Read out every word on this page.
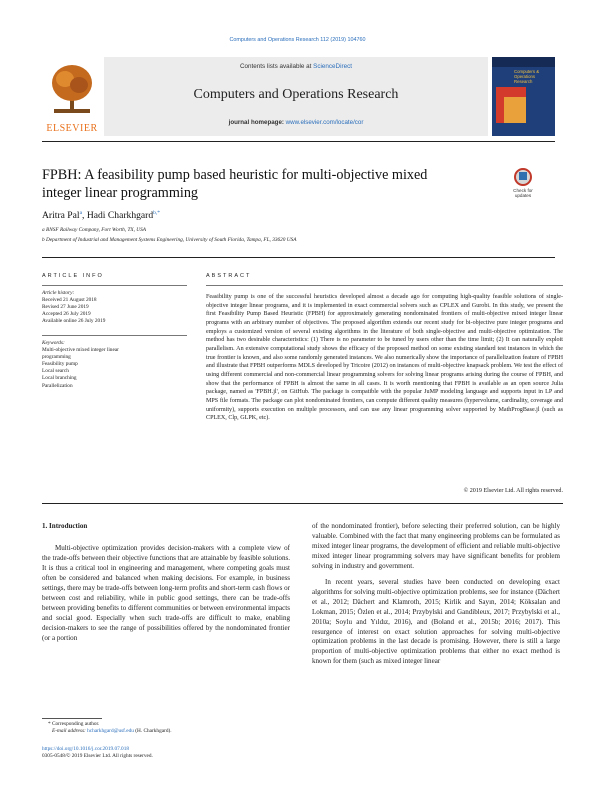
Computers and Operations Research 112 (2019) 104760
ELSEVIER
Contents lists available at ScienceDirect
Computers and Operations Research
journal homepage: www.elsevier.com/locate/cor
Computers & Operations Research
FPBH: A feasibility pump based heuristic for multi-objective mixed
integer linear programming	Check for
updates
Aritra Pal$^a$, Hadi Charkhgard$^{b,*}$
a BNSF Railway Company, Fort Worth, TX, USA
b Department of Industrial and Management Systems Engineering, University of South Florida, Tampa, FL, 33620 USA
ARTICLE INFO
Article history:
Received 21 August 2018
Revised 27 June 2019
Accepted 26 July 2019
Available online 26 July 2019
Keywords:
Multi-objective mixed integer linear
programming
Feasibility pump
Local search
Local branching
Parallelization
ABSTRACT
Feasibility pump is one of the successful heuristics developed almost a decade ago for computing high-quality feasible solutions of single-objective integer linear programs, and it is implemented in exact commercial solvers such as CPLEX and Gurobi. In this study, we present the first Feasibility Pump Based Heuristic (FPBH) for approximately generating nondominated frontiers of multi-objective mixed integer linear programs with an arbitrary number of objectives. The proposed algorithm extends our recent study for bi-objective pure integer programs and employs a customized version of several existing algorithms in the literature of both single-objective and multi-objective optimization. The method has two desirable characteristics: (1) There is no parameter to be tuned by users other than the time limit; (2) It can naturally exploit parallelism. An extensive computational study shows the efficacy of the proposed method on some existing standard test instances in which the true frontier is known, and also some randomly generated instances. We also numerically show the importance of parallelization feature of FPBH and illustrate that FPBH outperforms MDLS developed by Tricoire (2012) on instances of multi-objective knapsack problem. We test the effect of using different commercial and non-commercial linear programming solvers for solving linear programs arising during the course of FPBH, and show that the performance of FPBH is almost the same in all cases. It is worth mentioning that FPBH is available as an open source Julia package, named as 'FPBH.jl', on GitHub. The package is compatible with the popular JuMP modeling language and supports input in LP and MPS file formats. The package can plot nondominated frontiers, can compute different quality measures (hypervolume, cardinality, coverage and uniformity), supports execution on multiple processors, and can use any linear programming solver supported by MathProgBase.jl (such as CPLEX, Clp, GLPK, etc).
© 2019 Elsevier Ltd. All rights reserved.
1. Introduction

Multi-objective optimization provides decision-makers with a complete view of the trade-offs between their objective functions that are attainable by feasible solutions. It is thus a critical tool in engineering and management, where competing goals must often be considered and balanced when making decisions. For example, in business settings, there may be trade-offs between long-term profits and short-term cash flows or between cost and reliability, while in public good settings, there can be trade-offs between providing benefits to different communities or between environmental impacts and social good. Especially when such trade-offs are difficult to make, enabling decision-makers to see the range of possibilities offered by the nondominated frontier (or a portion

of the nondominated frontier), before selecting their preferred solution, can be highly valuable. Combined with the fact that many engineering problems can be formulated as mixed integer linear programs, the development of efficient and reliable multi-objective mixed integer linear programming solvers may have significant benefits for problem solving in industry and government.

In recent years, several studies have been conducted on developing exact algorithms for solving multi-objective optimization problems, see for instance (Dächert et al., 2012; Dächert and Klamroth, 2015; Kirlik and Sayın, 2014; Köksalan and Lokman, 2015; Özlen et al., 2014; Przybylski and Gandibleux, 2017; Przybylski et al., 2010a; Soylu and Yıldız, 2016), and (Boland et al., 2015b; 2016; 2017). This resurgence of interest on exact solution approaches for solving multi-objective optimization problems in the last decade is promising. However, there is still a large proportion of multi-objective optimization problems that either no exact method is known for them (such as mixed integer linear

* Corresponding author.
E-mail address: hcharkhgard@usf.edu (H. Charkhgard).
https://doi.org/10.1016/j.cor.2019.07.018
0305-0548/© 2019 Elsevier Ltd. All rights reserved.
